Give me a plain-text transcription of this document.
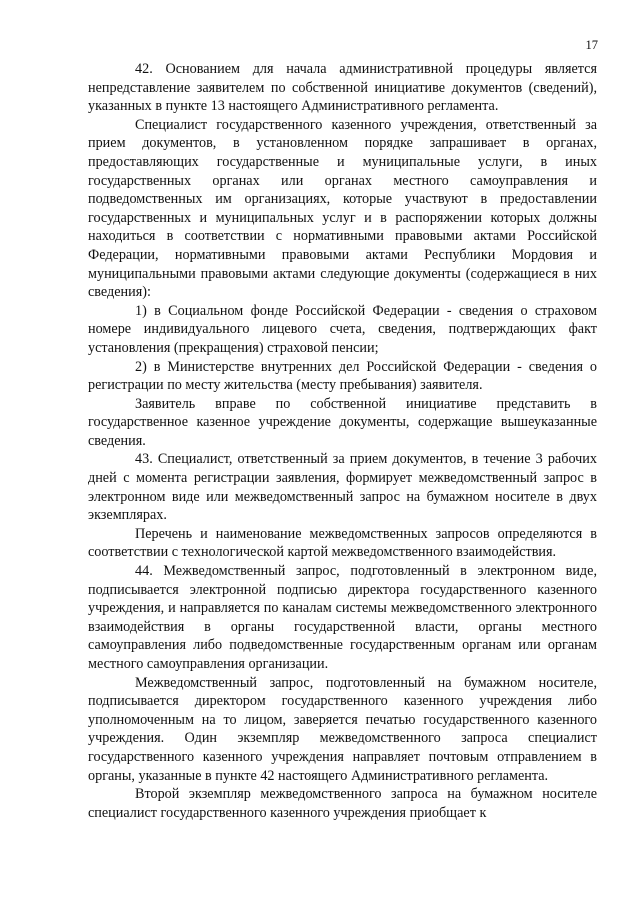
17

42. Основанием для начала административной процедуры является непредставление заявителем по собственной инициативе документов (сведений), указанных в пункте 13 настоящего Административного регламента.

Специалист государственного казенного учреждения, ответственный за прием документов, в установленном порядке запрашивает в органах, предоставляющих государственные и муниципальные услуги, в иных государственных органах или органах местного самоуправления и подведомственных им организациях, которые участвуют в предоставлении государственных и муниципальных услуг и в распоряжении которых должны находиться в соответствии с нормативными правовыми актами Российской Федерации, нормативными правовыми актами Республики Мордовия и муниципальными правовыми актами следующие документы (содержащиеся в них сведения):

1) в Социальном фонде Российской Федерации - сведения о страховом номере индивидуального лицевого счета, сведения, подтверждающих факт установления (прекращения) страховой пенсии;

2) в Министерстве внутренних дел Российской Федерации - сведения о регистрации по месту жительства (месту пребывания) заявителя.

Заявитель вправе по собственной инициативе представить в государственное казенное учреждение документы, содержащие вышеуказанные сведения.

43. Специалист, ответственный за прием документов, в течение 3 рабочих дней с момента регистрации заявления, формирует межведомственный запрос в электронном виде или межведомственный запрос на бумажном носителе в двух экземплярах.

Перечень и наименование межведомственных запросов определяются в соответствии с технологической картой межведомственного взаимодействия.

44. Межведомственный запрос, подготовленный в электронном виде, подписывается электронной подписью директора государственного казенного учреждения, и направляется по каналам системы межведомственного электронного взаимодействия в органы государственной власти, органы местного самоуправления либо подведомственные государственным органам или органам местного самоуправления организации.

Межведомственный запрос, подготовленный на бумажном носителе, подписывается директором государственного казенного учреждения либо уполномоченным на то лицом, заверяется печатью государственного казенного учреждения. Один экземпляр межведомственного запроса специалист государственного казенного учреждения направляет почтовым отправлением в органы, указанные в пункте 42 настоящего Административного регламента.

Второй экземпляр межведомственного запроса на бумажном носителе специалист государственного казенного учреждения приобщает к
